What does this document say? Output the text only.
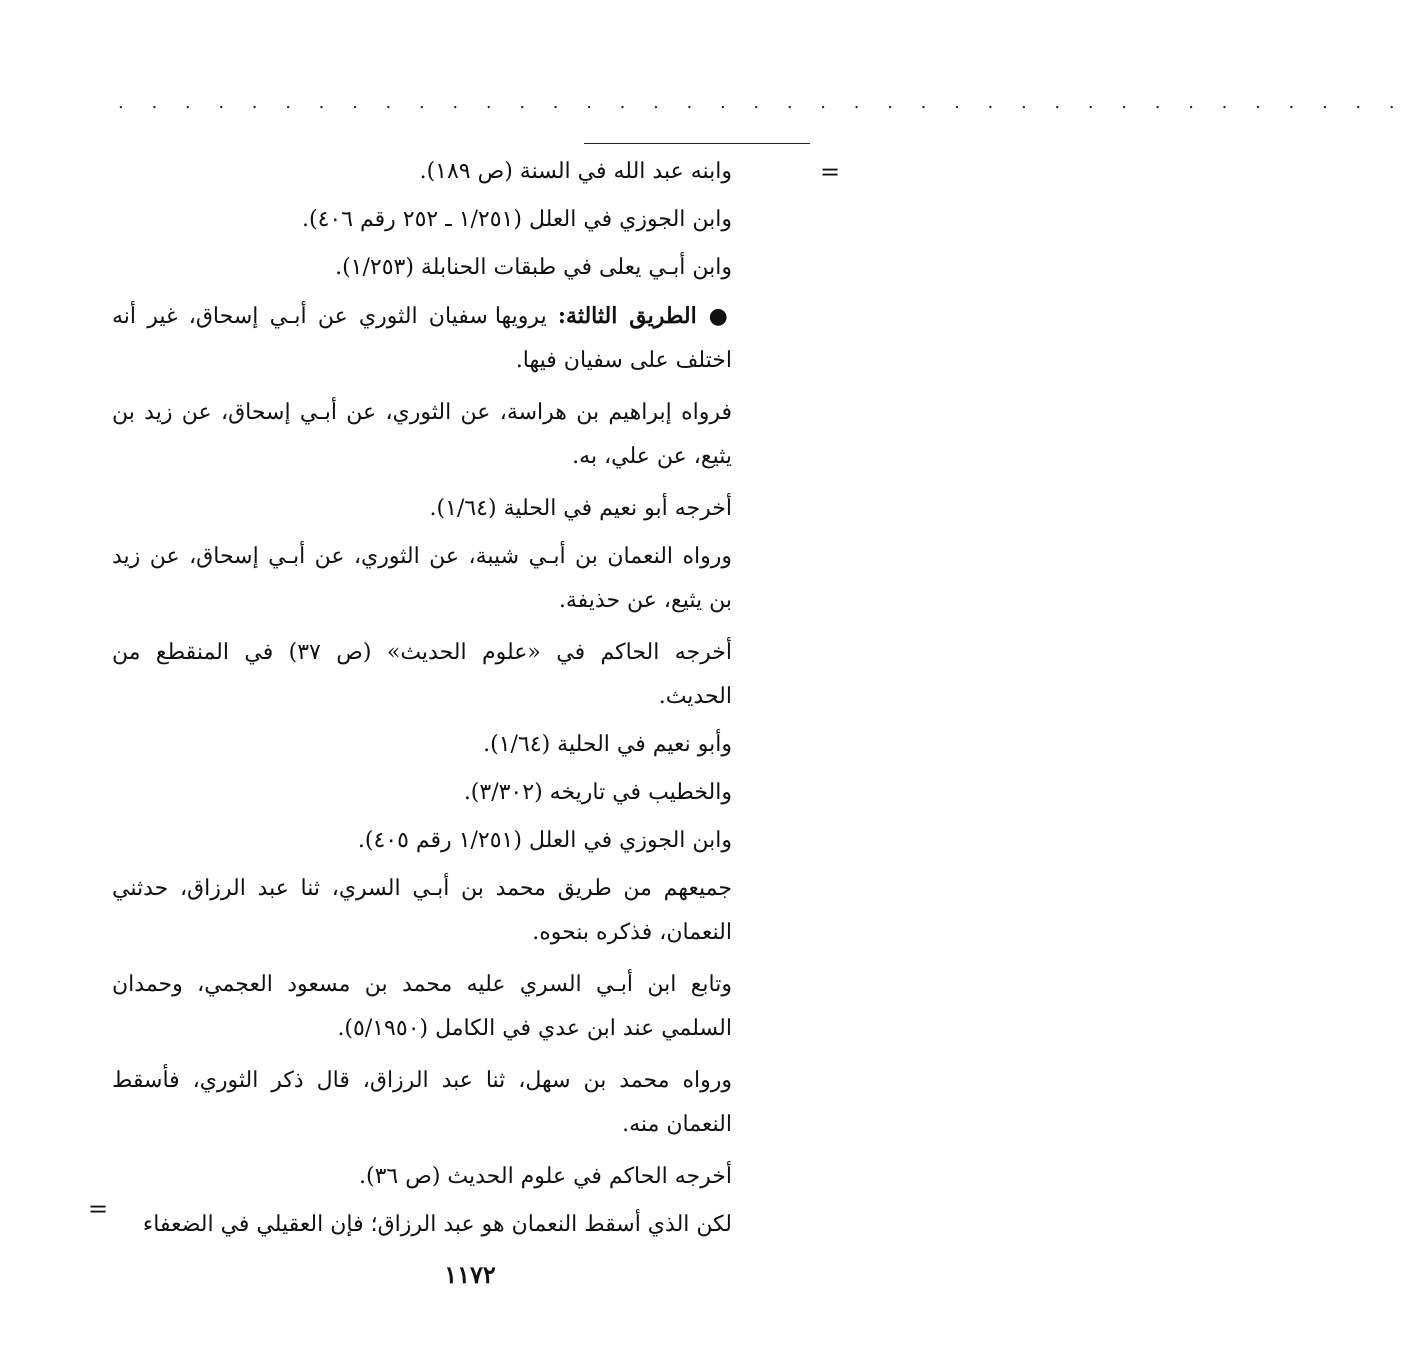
. . . . . . . . . . . . . . . . . . . . . . . . . . . . . . . . . . . . . . .
=

وابنه عبد الله في السنة (ص ١٨٩).

وابن الجوزي في العلل (١/٢٥١ ـ ٢٥٢ رقم ٤٠٦).

وابن أبـي يعلى في طبقات الحنابلة (١/٢٥٣).

● الطريق الثالثة: يرويها سفيان الثوري عن أبـي إسحاق، غير أنه اختلف على سفيان فيها.

فرواه إبراهيم بن هراسة، عن الثوري، عن أبـي إسحاق، عن زيد بن يثيع، عن علي، به.

أخرجه أبو نعيم في الحلية (١/٦٤).

ورواه النعمان بن أبـي شيبة، عن الثوري، عن أبـي إسحاق، عن زيد بن يثيع، عن حذيفة.

أخرجه الحاكم في «علوم الحديث» (ص ٣٧) في المنقطع من الحديث.

وأبو نعيم في الحلية (١/٦٤).

والخطيب في تاريخه (٣/٣٠٢).

وابن الجوزي في العلل (١/٢٥١ رقم ٤٠٥).

جميعهم من طريق محمد بن أبـي السري، ثنا عبد الرزاق، حدثني النعمان، فذكره بنحوه.

وتابع ابن أبـي السري عليه محمد بن مسعود العجمي، وحمدان السلمي عند ابن عدي في الكامل (٥/١٩٥٠).

ورواه محمد بن سهل، ثنا عبد الرزاق، قال ذكر الثوري، فأسقط النعمان منه.

أخرجه الحاكم في علوم الحديث (ص ٣٦).

لكن الذي أسقط النعمان هو عبد الرزاق؛ فإن العقيلي في الضعفاء

=
١١٧٢
